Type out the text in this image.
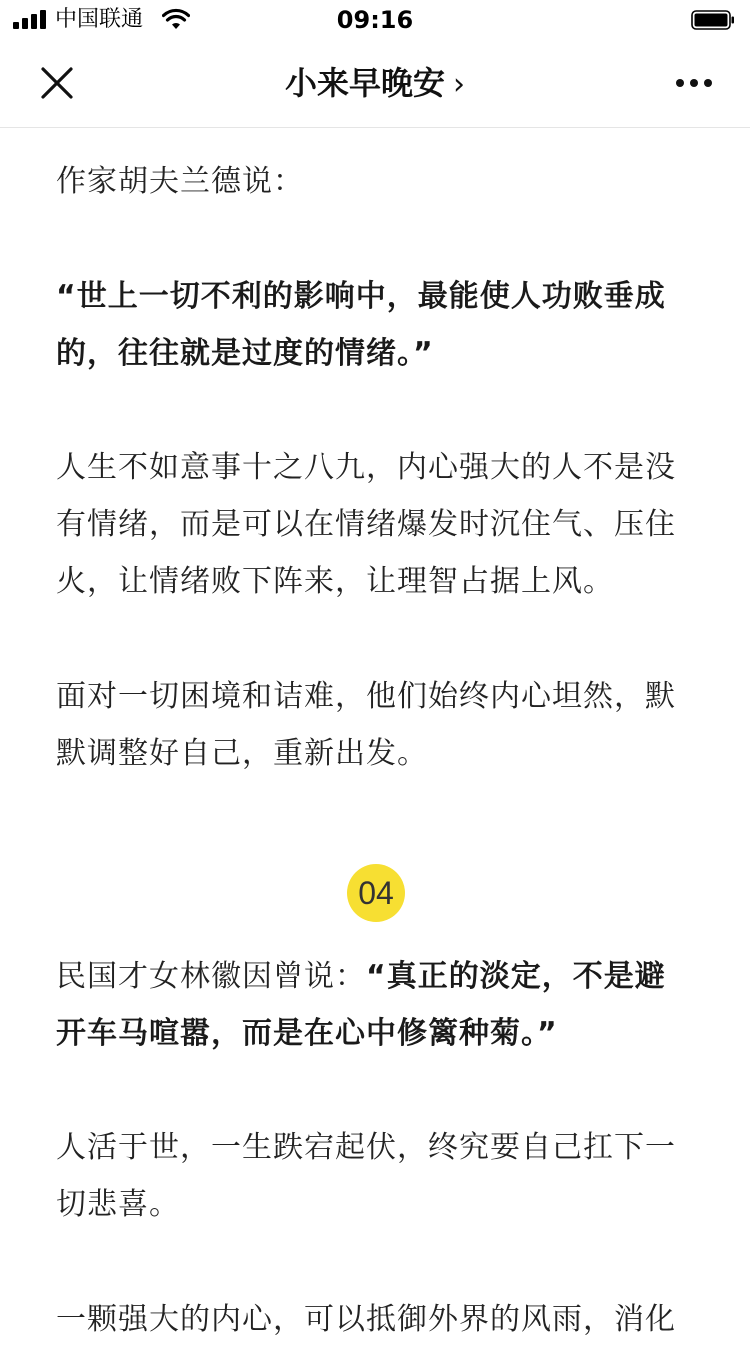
中国联通	09:16
小来早晚安 ›

作家胡夫兰德说：

“世上一切不利的影响中，最能使人功败垂成的，往往就是过度的情绪。”

人生不如意事十之八九，内心强大的人不是没有情绪，而是可以在情绪爆发时沉住气、压住火，让情绪败下阵来，让理智占据上风。

面对一切困境和诘难，他们始终内心坦然，默默调整好自己，重新出发。

04

民国才女林徽因曾说：“真正的淡定，不是避开车马喧嚣，而是在心中修篱种菊。”

人活于世，一生跌宕起伏，终究要自己扛下一切悲喜。

一颗强大的内心，可以抵御外界的风雨，消化
